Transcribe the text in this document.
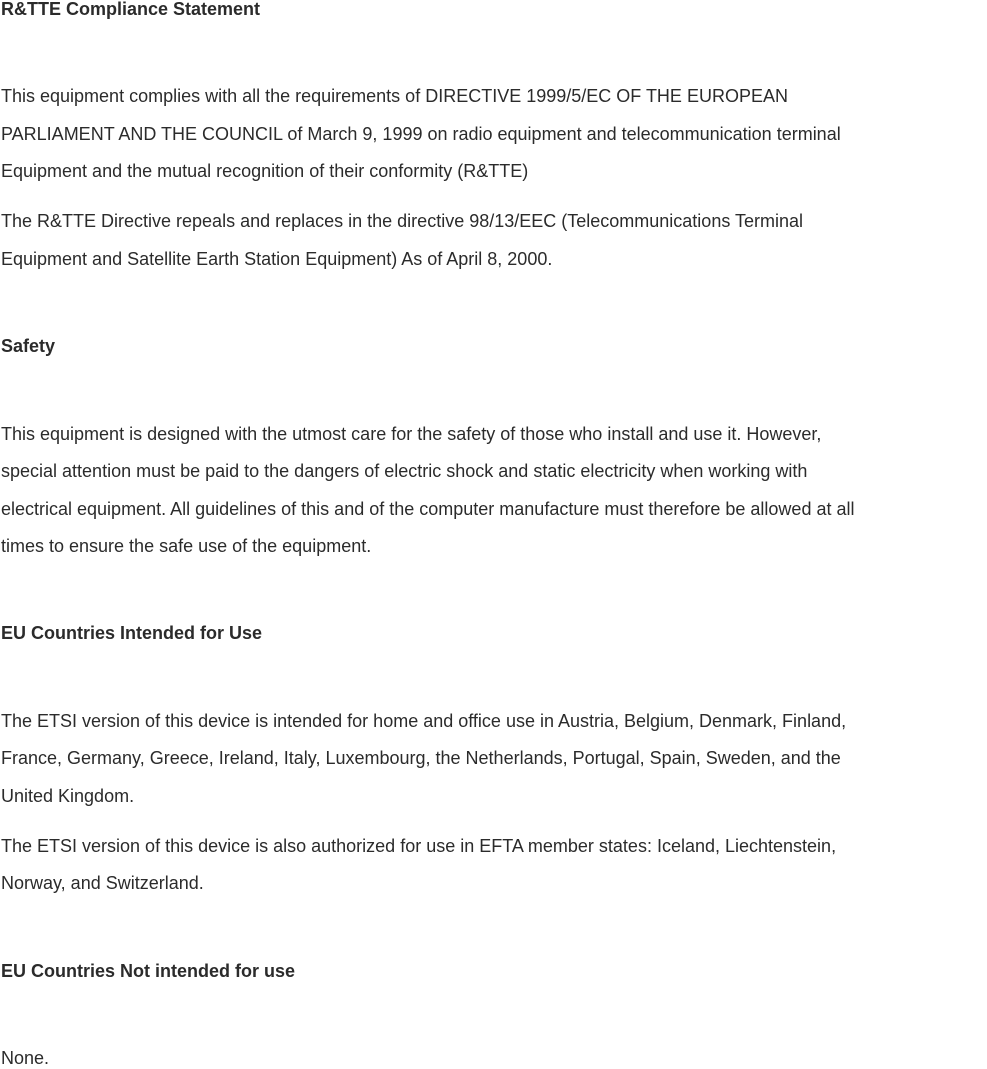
R&TTE Compliance Statement
This equipment complies with all the requirements of DIRECTIVE 1999/5/EC OF THE EUROPEAN
PARLIAMENT AND THE COUNCIL of March 9, 1999 on radio equipment and telecommunication terminal
Equipment and the mutual recognition of their conformity (R&TTE)
The R&TTE Directive repeals and replaces in the directive 98/13/EEC (Telecommunications Terminal
Equipment and Satellite Earth Station Equipment) As of April 8, 2000.
Safety
This equipment is designed with the utmost care for the safety of those who install and use it. However,
special attention must be paid to the dangers of electric shock and static electricity when working with
electrical equipment. All guidelines of this and of the computer manufacture must therefore be allowed at all
times to ensure the safe use of the equipment.
EU Countries Intended for Use
The ETSI version of this device is intended for home and office use in Austria, Belgium, Denmark, Finland,
France, Germany, Greece, Ireland, Italy, Luxembourg, the Netherlands, Portugal, Spain, Sweden, and the
United Kingdom.
The ETSI version of this device is also authorized for use in EFTA member states: Iceland, Liechtenstein,
Norway, and Switzerland.
EU Countries Not intended for use
None.
